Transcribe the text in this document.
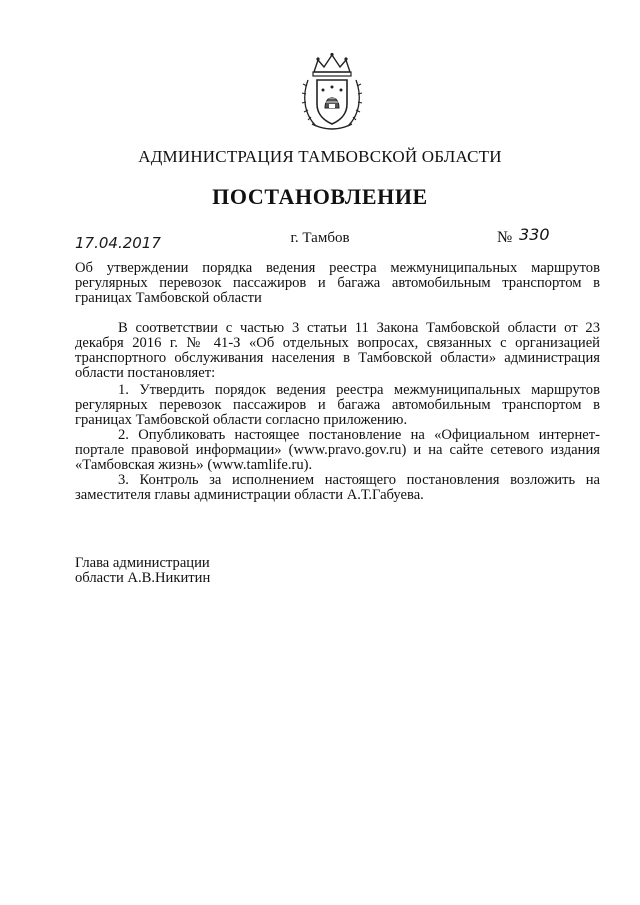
АДМИНИСТРАЦИЯ ТАМБОВСКОЙ ОБЛАСТИ
ПОСТАНОВЛЕНИЕ
17.04.2017	г. Тамбов	№ 330
Об утверждении порядка ведения реестра межмуниципальных маршрутов регулярных перевозок пассажиров и багажа автомобильным транспортом в границах Тамбовской области

В соответствии с частью 3 статьи 11 Закона Тамбовской области от 23 декабря 2016 г. № 41-З «Об отдельных вопросах, связанных с организацией транспортного обслуживания населения в Тамбовской области» администрация области постановляет:

1. Утвердить порядок ведения реестра межмуниципальных маршрутов регулярных перевозок пассажиров и багажа автомобильным транспортом в границах Тамбовской области согласно приложению.

2. Опубликовать настоящее постановление на «Официальном интернет-портале правовой информации» (www.pravo.gov.ru) и на сайте сетевого издания «Тамбовская жизнь» (www.tamlife.ru).

3. Контроль за исполнением настоящего постановления возложить на заместителя главы администрации области А.Т.Габуева.

Глава администрации
области А.В.Никитин
